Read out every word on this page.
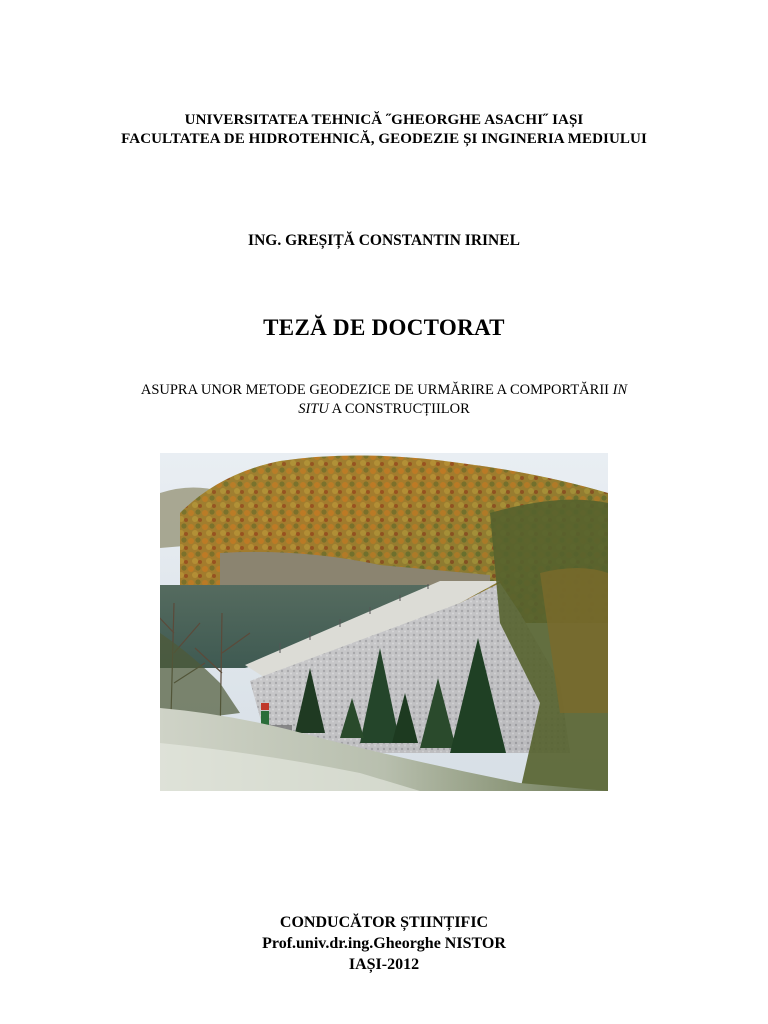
UNIVERSITATEA TEHNICĂ ˝GHEORGHE ASACHI˝ IAȘI
FACULTATEA DE HIDROTEHNICĂ, GEODEZIE ȘI INGINERIA MEDIULUI
ING. GREȘIȚĂ CONSTANTIN IRINEL
TEZĂ DE DOCTORAT
ASUPRA UNOR METODE GEODEZICE DE URMĂRIRE A COMPORTĂRII IN
SITU A CONSTRUCȚIILOR
CONDUCĂTOR ȘTIINȚIFIC
Prof.univ.dr.ing.Gheorghe NISTOR
IAȘI-2012
